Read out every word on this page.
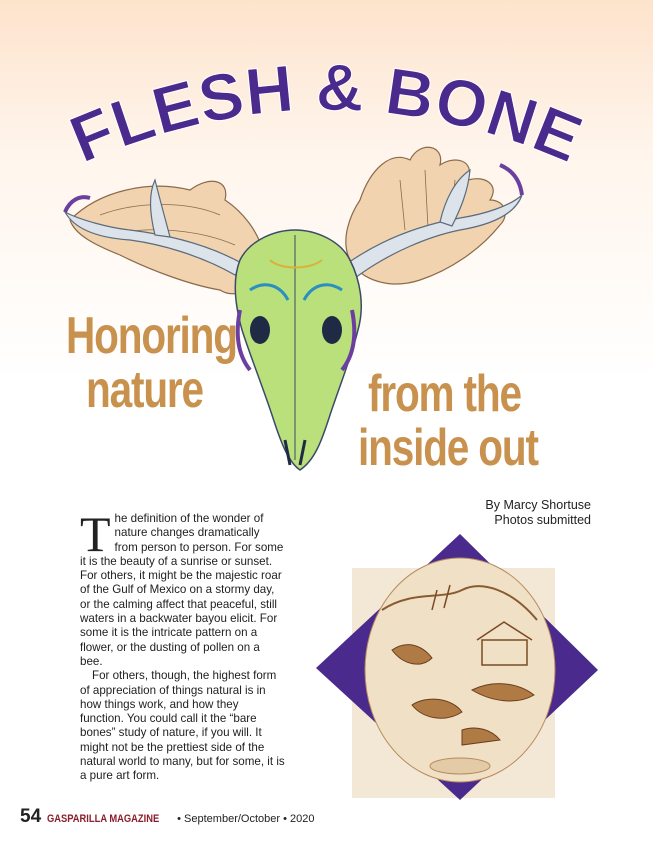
FLESH & BONE
Honoring
nature	from the
inside out
By Marcy Shortuse
Photos submitted

The definition of the wonder of nature changes dramatically from person to person. For some it is the beauty of a sunrise or sunset. For others, it might be the majestic roar of the Gulf of Mexico on a stormy day, or the calming affect that peaceful, still waters in a backwater bayou elicit. For some it is the intricate pattern on a flower, or the dusting of pollen on a bee.

For others, though, the highest form of appreciation of things natural is in how things work, and how they function. You could call it the “bare bones” study of nature, if you will. It might not be the prettiest side of the natural world to many, but for some, it is a pure art form.

54 GASPARILLA MAGAZINE • September/October • 2020
